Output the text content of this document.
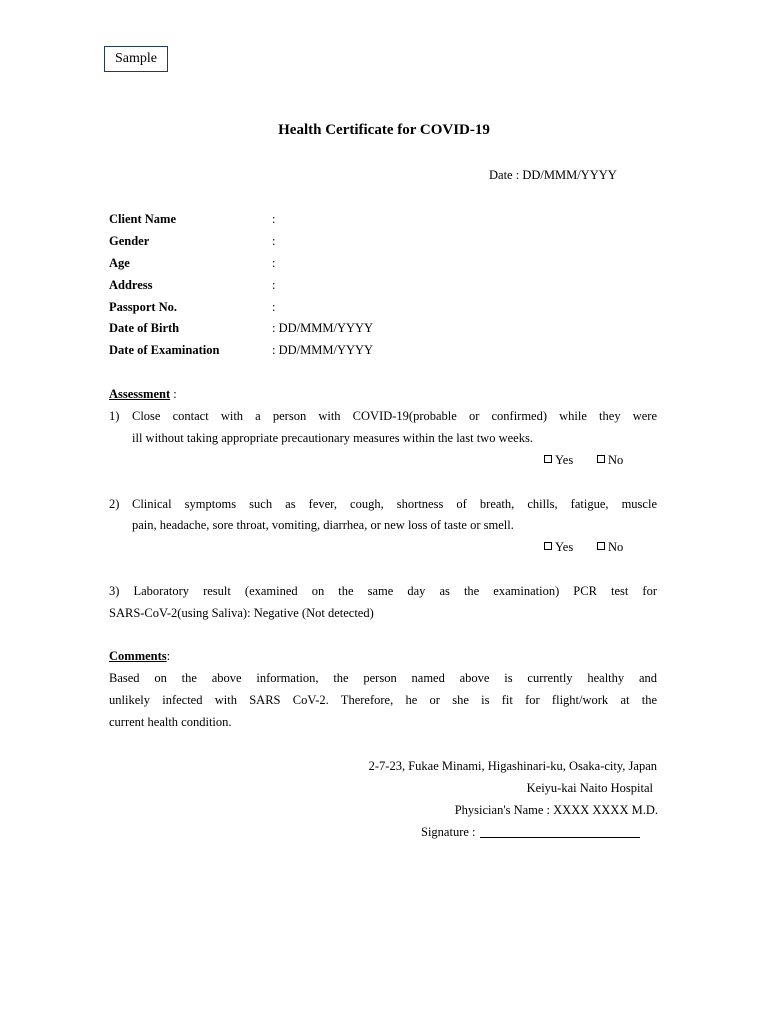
Sample
Health Certificate for COVID-19
Date : DD/MMM/YYYY
Client Name	:
Gender	:
Age	:
Address	:
Passport No.	:
Date of Birth	: DD/MMM/YYYY
Date of Examination	: DD/MMM/YYYY
Assessment :
1) Close contact with a person with COVID-19(probable or confirmed) while they were
ill without taking appropriate precautionary measures within the last two weeks.
Yes	No
2) Clinical symptoms such as fever, cough, shortness of breath, chills, fatigue, muscle
pain, headache, sore throat, vomiting, diarrhea, or new loss of taste or smell.
Yes	No
3) Laboratory result (examined on the same day as the examination) PCR test for
SARS-CoV-2(using Saliva): Negative (Not detected)
Comments:
Based on the above information, the person named above is currently healthy and
unlikely infected with SARS CoV-2. Therefore, he or she is fit for flight/work at the
current health condition.
2-7-23, Fukae Minami, Higashinari-ku, Osaka-city, Japan
Keiyu-kai Naito Hospital
Physician's Name : XXXX XXXX M.D.
Signature :
